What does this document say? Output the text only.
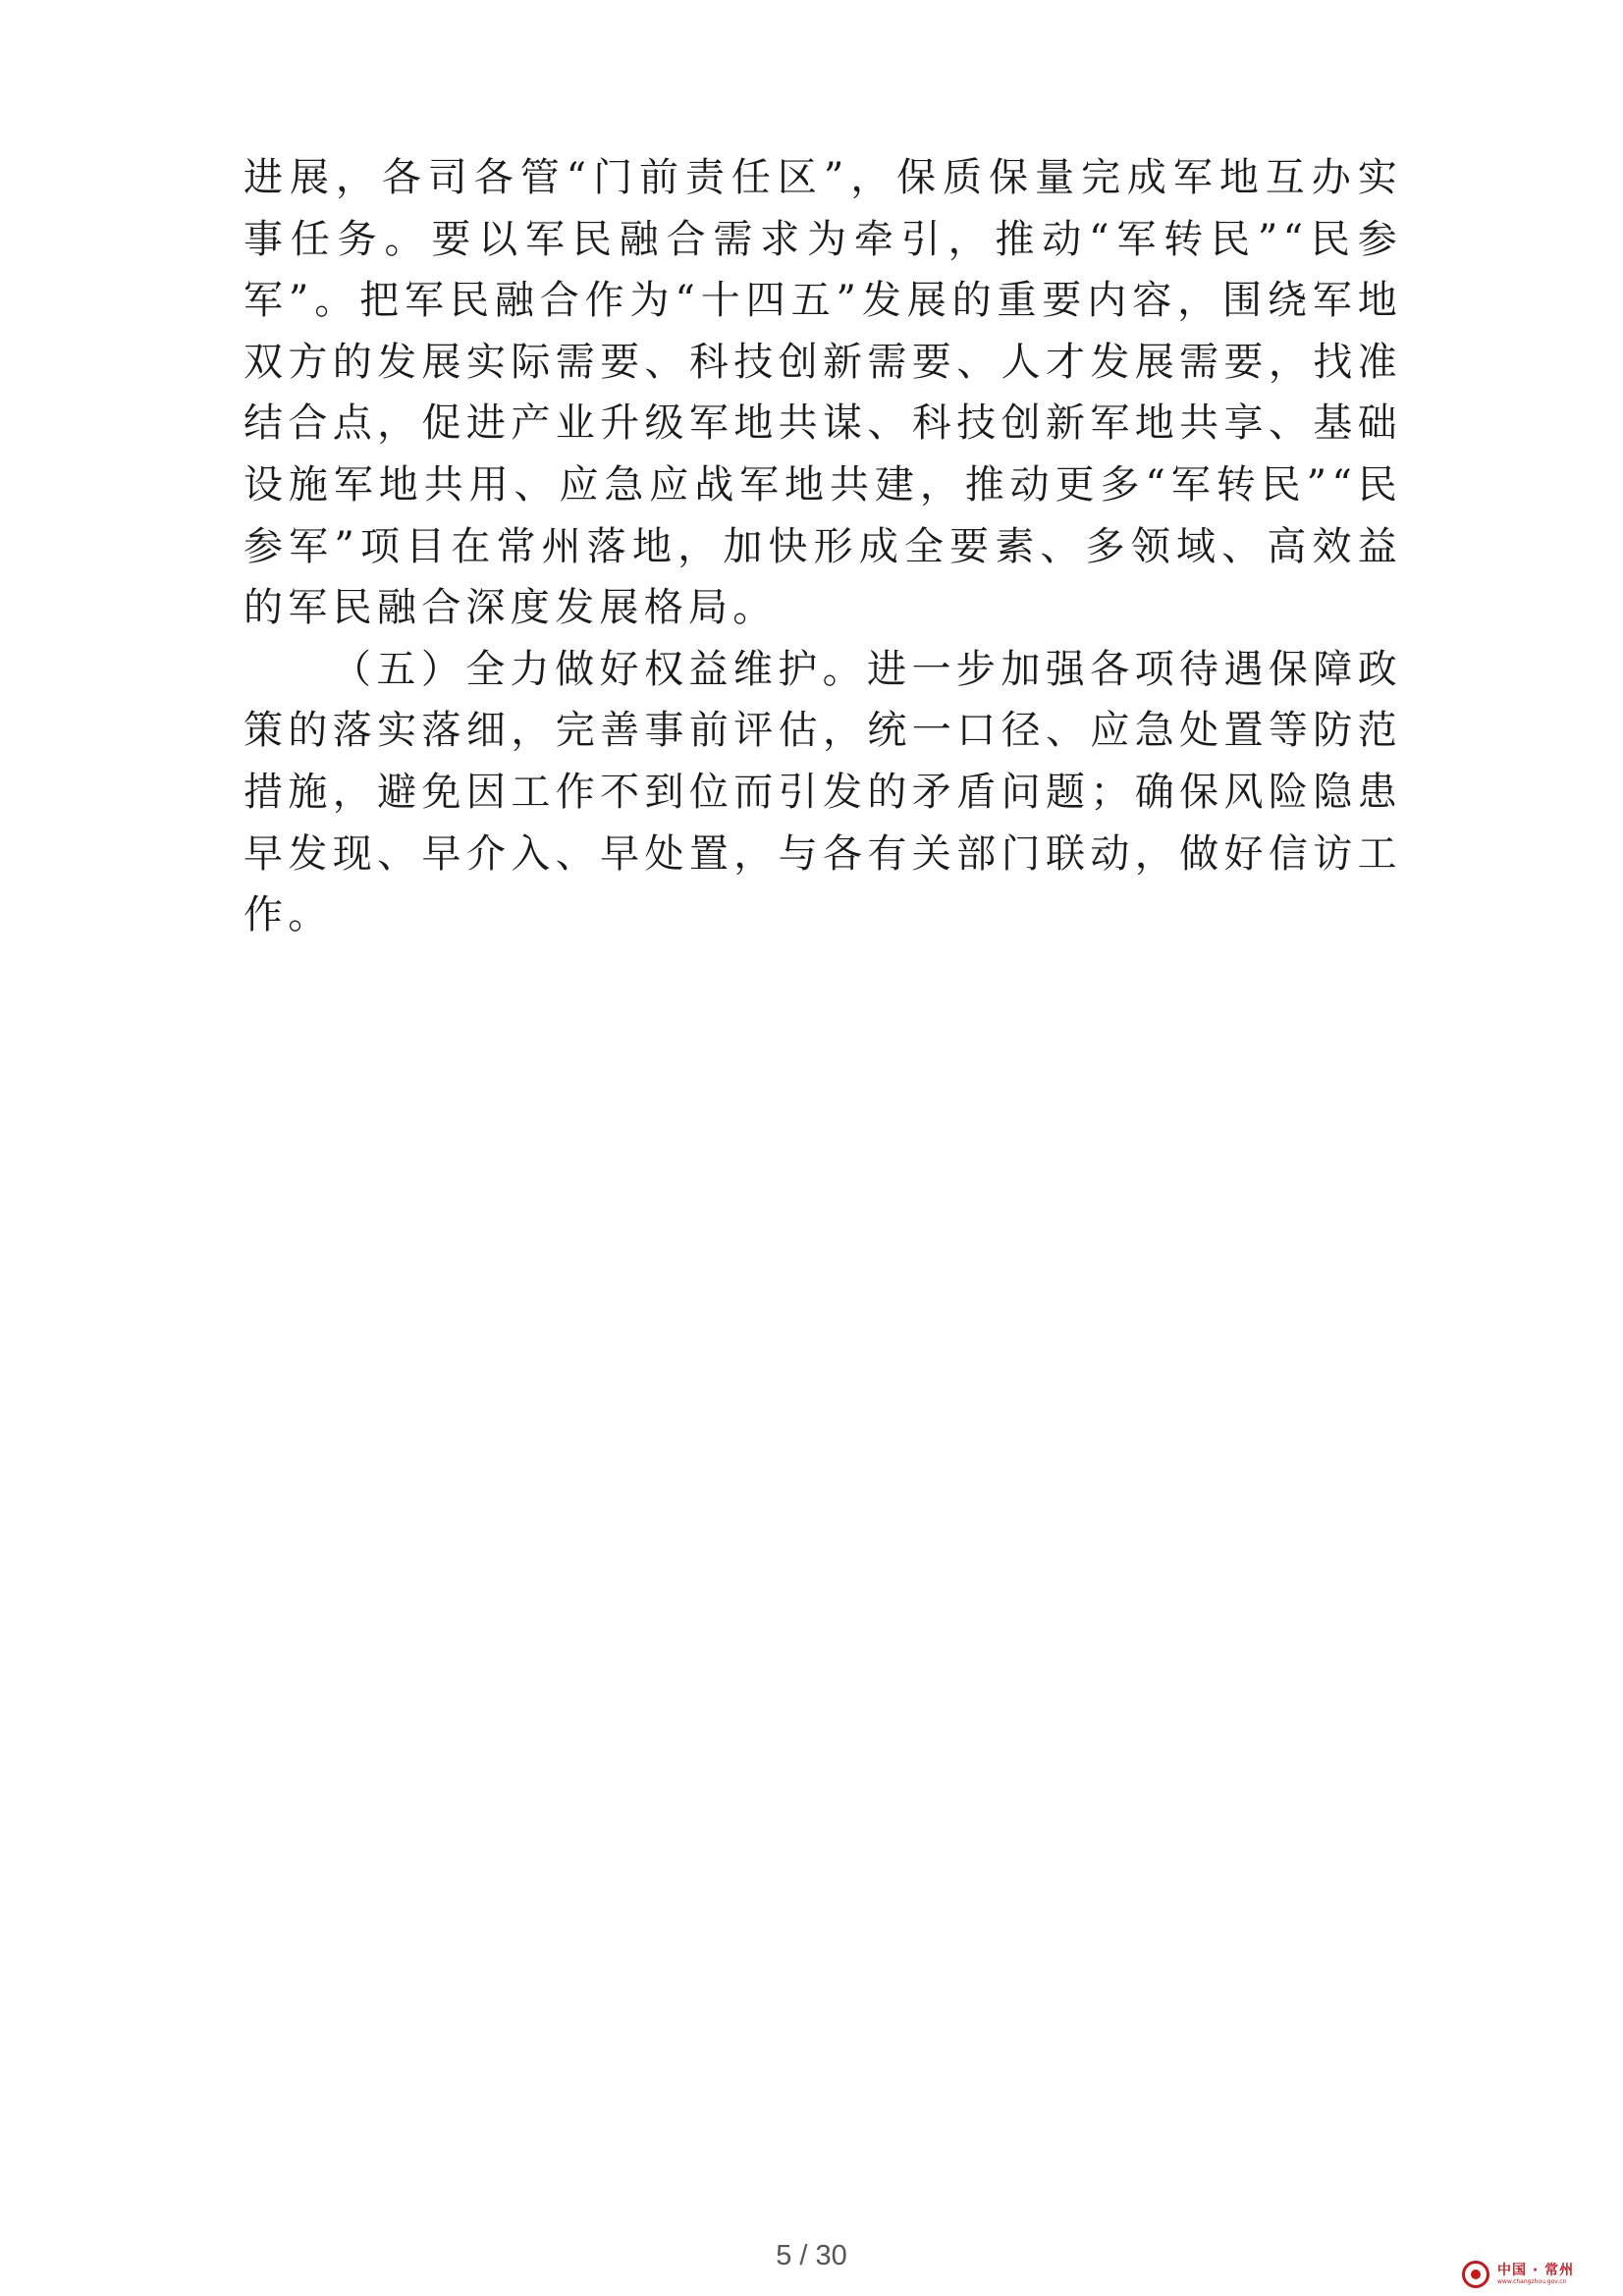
进展，各司各管“门前责任区”，保质保量完成军地互办实事任务。要以军民融合需求为牵引，推动“军转民”“民参军”。把军民融合作为“十四五”发展的重要内容，围绕军地双方的发展实际需要、科技创新需要、人才发展需要，找准结合点，促进产业升级军地共谋、科技创新军地共享、基础设施军地共用、应急应战军地共建，推动更多“军转民”“民参军”项目在常州落地，加快形成全要素、多领域、高效益的军民融合深度发展格局。

（五）全力做好权益维护。进一步加强各项待遇保障政策的落实落细，完善事前评估，统一口径、应急处置等防范措施，避免因工作不到位而引发的矛盾问题；确保风险隐患早发现、早介入、早处置，与各有关部门联动，做好信访工作。

5 / 30	中国 · 常州
www.changzhou.gov.cn
